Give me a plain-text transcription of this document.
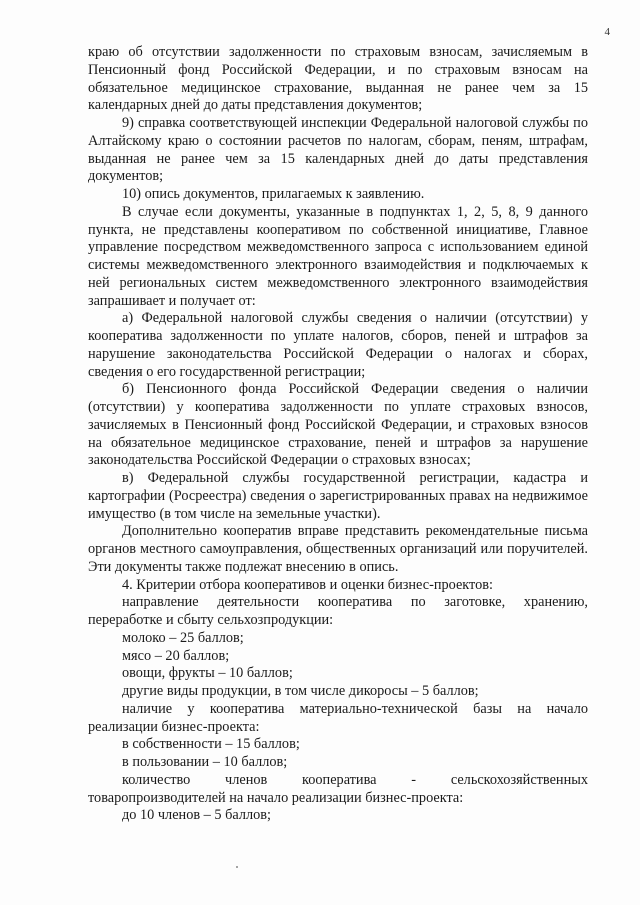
4

краю об отсутствии задолженности по страховым взносам, зачисляемым в Пенсионный фонд Российской Федерации, и по страховым взносам на обязательное медицинское страхование, выданная не ранее чем за 15 календарных дней до даты представления документов;

9) справка соответствующей инспекции Федеральной налоговой службы по Алтайскому краю о состоянии расчетов по налогам, сборам, пеням, штрафам, выданная не ранее чем за 15 календарных дней до даты представления документов;

10) опись документов, прилагаемых к заявлению.

В случае если документы, указанные в подпунктах 1, 2, 5, 8, 9 данного пункта, не представлены кооперативом по собственной инициативе, Главное управление посредством межведомственного запроса с использованием единой системы межведомственного электронного взаимодействия и подключаемых к ней региональных систем межведомственного электронного взаимодействия запрашивает и получает от:

а) Федеральной налоговой службы сведения о наличии (отсутствии) у кооператива задолженности по уплате налогов, сборов, пеней и штрафов за нарушение законодательства Российской Федерации о налогах и сборах, сведения о его государственной регистрации;

б) Пенсионного фонда Российской Федерации сведения о наличии (отсутствии) у кооператива задолженности по уплате страховых взносов, зачисляемых в Пенсионный фонд Российской Федерации, и страховых взносов на обязательное медицинское страхование, пеней и штрафов за нарушение законодательства Российской Федерации о страховых взносах;

в) Федеральной службы государственной регистрации, кадастра и картографии (Росреестра) сведения о зарегистрированных правах на недвижимое имущество (в том числе на земельные участки).

Дополнительно кооператив вправе представить рекомендательные письма органов местного самоуправления, общественных организаций или поручителей. Эти документы также подлежат внесению в опись.

4. Критерии отбора кооперативов и оценки бизнес-проектов:

направление деятельности кооператива по заготовке, хранению, переработке и сбыту сельхозпродукции:

молоко – 25 баллов;

мясо – 20 баллов;

овощи, фрукты – 10 баллов;

другие виды продукции, в том числе дикоросы – 5 баллов;

наличие у кооператива материально-технической базы на начало реализации бизнес-проекта:

в собственности – 15 баллов;

в пользовании – 10 баллов;

количество членов кооператива - сельскохозяйственных товаропроизводителей на начало реализации бизнес-проекта:

до 10 членов – 5 баллов;
